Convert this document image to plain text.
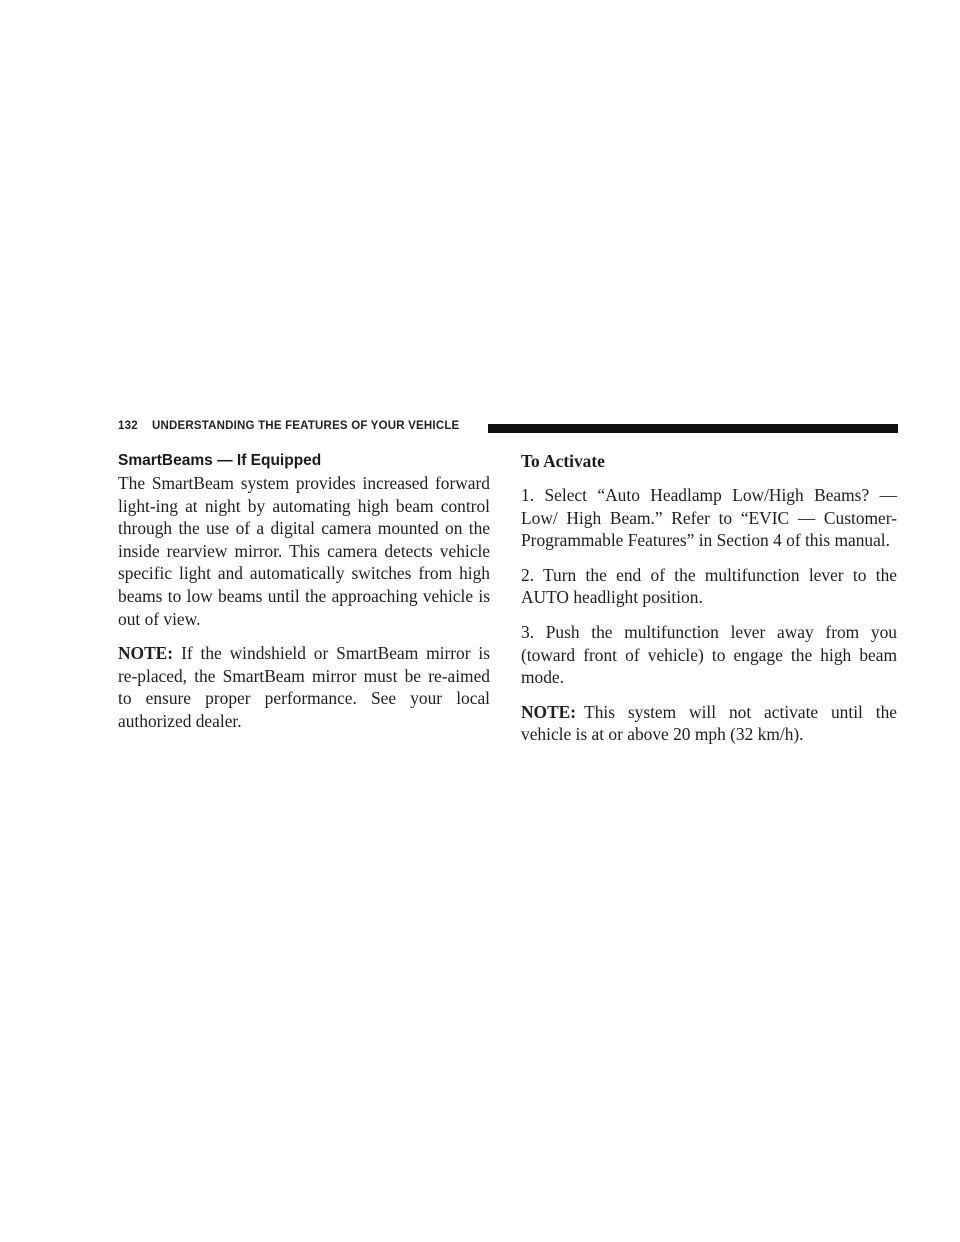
132 UNDERSTANDING THE FEATURES OF YOUR VEHICLE
SmartBeams — If Equipped

The SmartBeam system provides increased forward light-ing at night by automating high beam control through the use of a digital camera mounted on the inside rearview mirror. This camera detects vehicle specific light and automatically switches from high beams to low beams until the approaching vehicle is out of view.

NOTE: If the windshield or SmartBeam mirror is re-placed, the SmartBeam mirror must be re-aimed to ensure proper performance. See your local authorized dealer.

To Activate

1. Select “Auto Headlamp Low/High Beams? — Low/ High Beam.” Refer to “EVIC — Customer-Programmable Features” in Section 4 of this manual.

2. Turn the end of the multifunction lever to the AUTO headlight position.

3. Push the multifunction lever away from you (toward front of vehicle) to engage the high beam mode.

NOTE: This system will not activate until the vehicle is at or above 20 mph (32 km/h).
